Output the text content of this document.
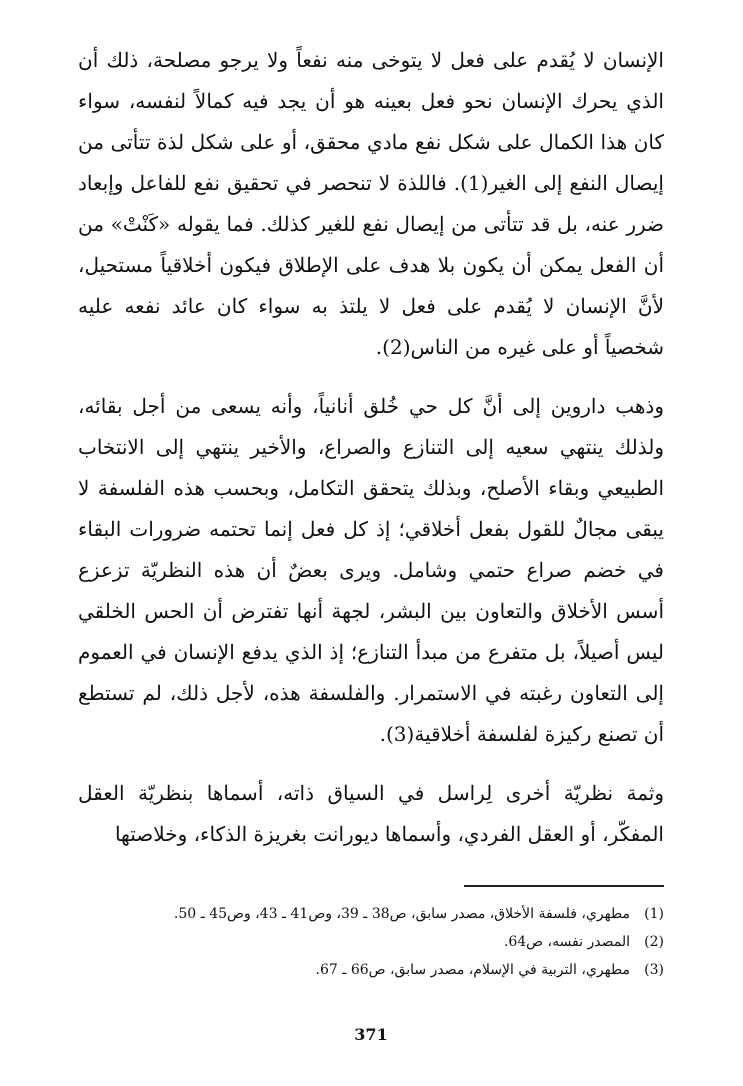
الإنسان لا يُقدم على فعل لا يتوخى منه نفعاً ولا يرجو مصلحة، ذلك أن الذي يحرك الإنسان نحو فعل بعينه هو أن يجد فيه كمالاً لنفسه، سواء كان هذا الكمال على شكل نفع مادي محقق، أو على شكل لذة تتأتى من إيصال النفع إلى الغير(1). فاللذة لا تنحصر في تحقيق نفع للفاعل وإبعاد ضرر عنه، بل قد تتأتى من إيصال نفع للغير كذلك. فما يقوله «كَنْتْ» من أن الفعل يمكن أن يكون بلا هدف على الإطلاق فيكون أخلاقياً مستحيل، لأنَّ الإنسان لا يُقدم على فعل لا يلتذ به سواء كان عائد نفعه عليه شخصياً أو على غيره من الناس(2).

وذهب داروين إلى أنَّ كل حي خُلق أنانياً، وأنه يسعى من أجل بقائه، ولذلك ينتهي سعيه إلى التنازع والصراع، والأخير ينتهي إلى الانتخاب الطبيعي وبقاء الأصلح، وبذلك يتحقق التكامل، وبحسب هذه الفلسفة لا يبقى مجالٌ للقول بفعل أخلاقي؛ إذ كل فعل إنما تحتمه ضرورات البقاء في خضم صراع حتمي وشامل. ويرى بعضٌ أن هذه النظريّة تزعزع أسس الأخلاق والتعاون بين البشر، لجهة أنها تفترض أن الحس الخلقي ليس أصيلاً، بل متفرع من مبدأ التنازع؛ إذ الذي يدفع الإنسان في العموم إلى التعاون رغبته في الاستمرار. والفلسفة هذه، لأجل ذلك، لم تستطع أن تصنع ركيزة لفلسفة أخلاقية(3).

وثمة نظريّة أخرى لِراسل في السياق ذاته، أسماها بنظريّة العقل المفكّر، أو العقل الفردي، وأسماها ديورانت بغريزة الذكاء، وخلاصتها

(1)مطهري، فلسفة الأخلاق، مصدر سابق، ص38 ـ 39، وص41 ـ 43، وص45 ـ 50.
(2)المصدر نفسه، ص64.
(3)مطهري، التربية في الإسلام، مصدر سابق، ص66 ـ 67.
371
